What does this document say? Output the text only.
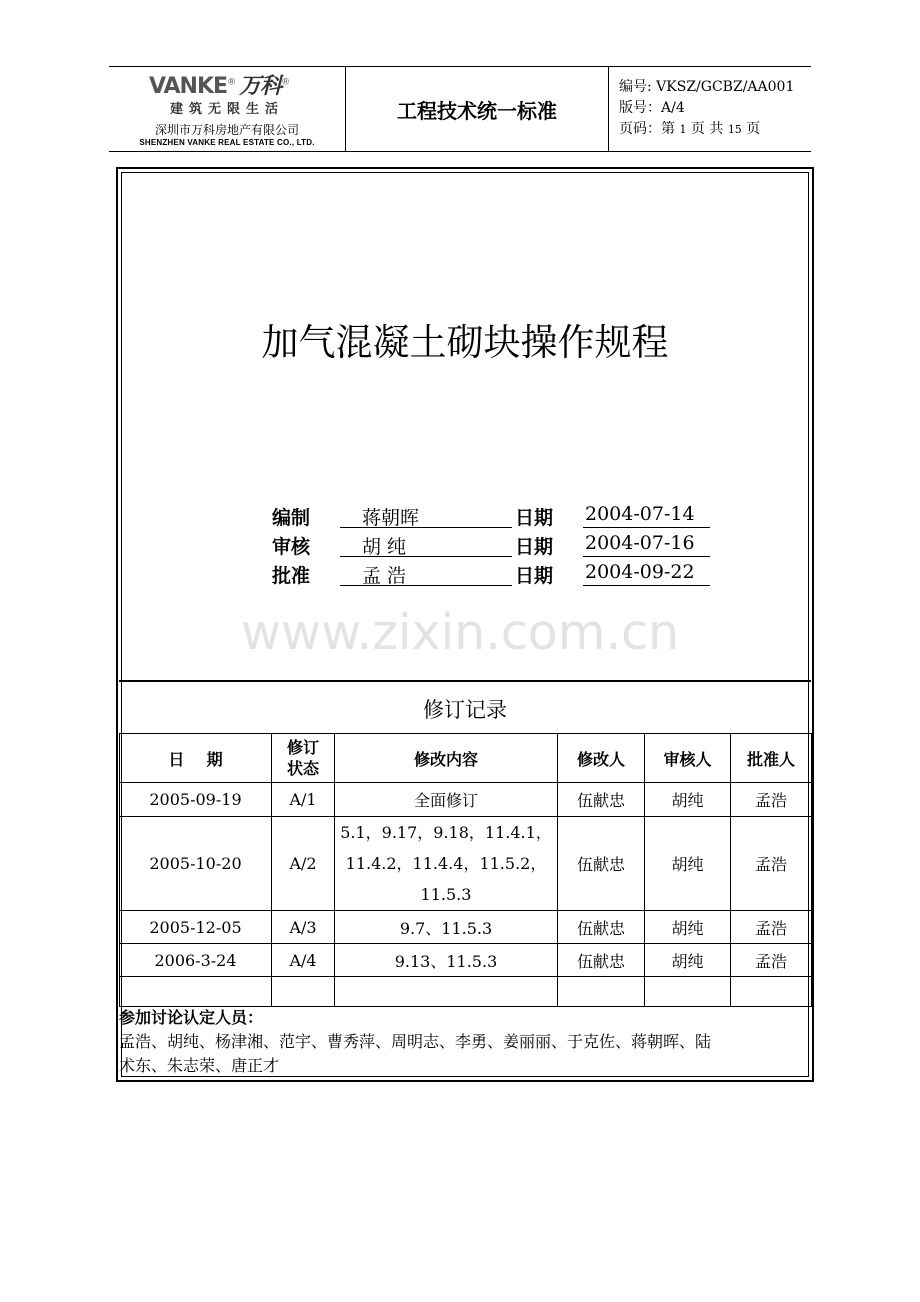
VANKE® 万科®
建筑无限生活
深圳市万科房地产有限公司
SHENZHEN VANKE REAL ESTATE CO., LTD.
工程技术统一标准
编号: VKSZ/GCBZ/AA001
版号：A/4
页码：第 1 页 共 15 页
加气混凝土砌块操作规程
编制	蒋朝晖	日期 2004-07-14
审核	胡 纯	日期 2004-07-16
批准	孟 浩	日期 2004-09-22
www.zixin.com.cn
修订记录
日    期	修订状态	修改内容	修改人	审核人	批准人
2005-09-19	A/1	全面修订	伍献忠	胡纯	孟浩
2005-10-20	A/2	5.1，9.17，9.18，11.4.1，
11.4.2，11.4.4，11.5.2，
11.5.3	伍献忠	胡纯	孟浩
2005-12-05	A/3	9.7、11.5.3	伍献忠	胡纯	孟浩
2006-3-24	A/4	9.13、11.5.3	伍献忠	胡纯	孟浩

参加讨论认定人员：
孟浩、胡纯、杨津湘、范宇、曹秀萍、周明志、李勇、姜丽丽、于克佐、蒋朝晖、陆
术东、朱志荣、唐正才
